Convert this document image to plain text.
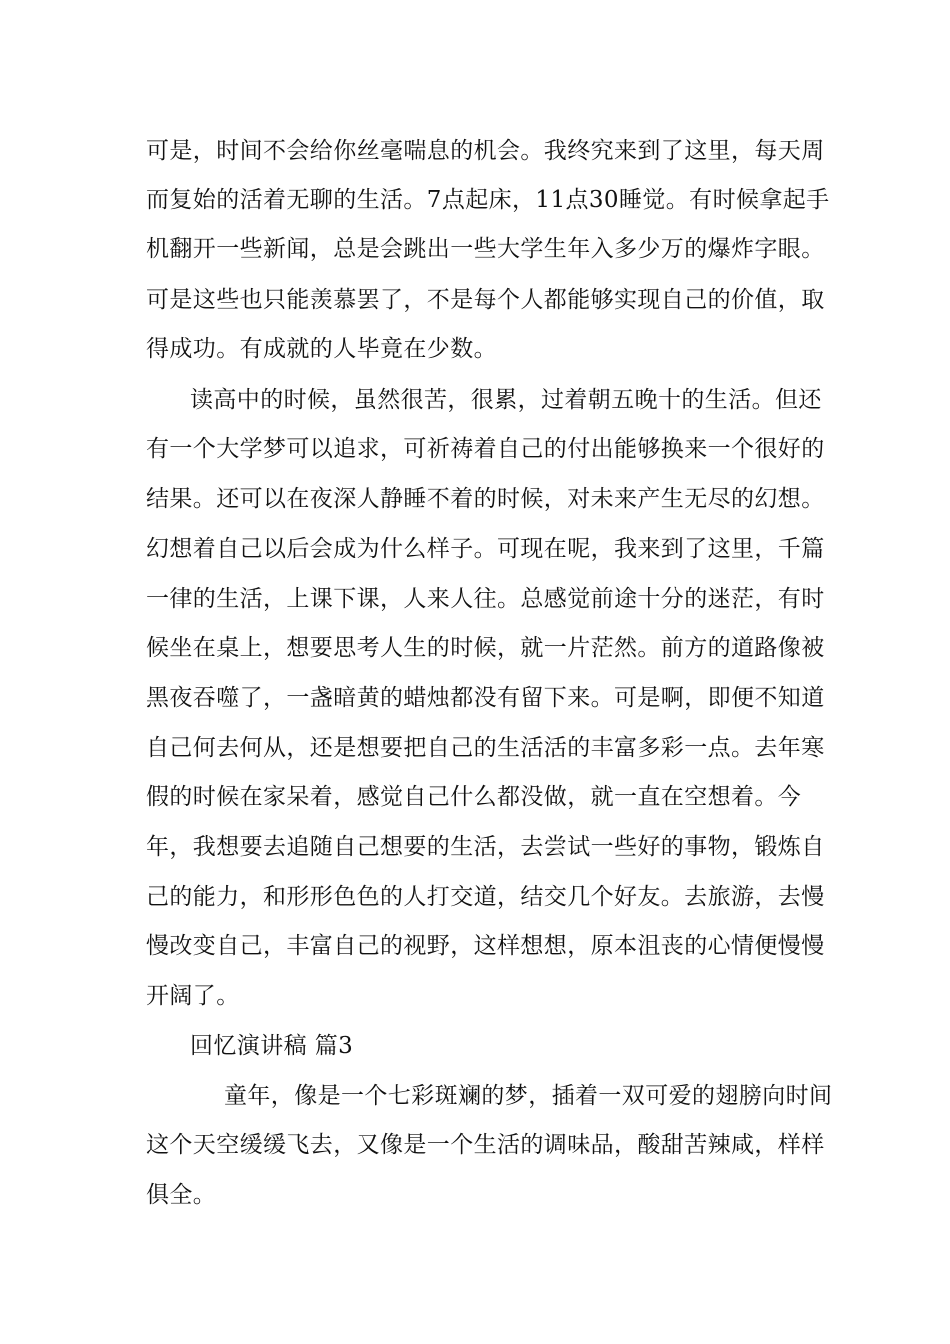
可是，时间不会给你丝毫喘息的机会。我终究来到了这里，每天周
而复始的活着无聊的生活。7点起床，11点30睡觉。有时候拿起手
机翻开一些新闻，总是会跳出一些大学生年入多少万的爆炸字眼。
可是这些也只能羡慕罢了，不是每个人都能够实现自己的价值，取
得成功。有成就的人毕竟在少数。
读高中的时候，虽然很苦，很累，过着朝五晚十的生活。但还
有一个大学梦可以追求，可祈祷着自己的付出能够换来一个很好的
结果。还可以在夜深人静睡不着的时候，对未来产生无尽的幻想。
幻想着自己以后会成为什么样子。可现在呢，我来到了这里，千篇
一律的生活，上课下课，人来人往。总感觉前途十分的迷茫，有时
候坐在桌上，想要思考人生的时候，就一片茫然。前方的道路像被
黑夜吞噬了，一盏暗黄的蜡烛都没有留下来。可是啊，即便不知道
自己何去何从，还是想要把自己的生活活的丰富多彩一点。去年寒
假的时候在家呆着，感觉自己什么都没做，就一直在空想着。今
年，我想要去追随自己想要的生活，去尝试一些好的事物，锻炼自
己的能力，和形形色色的人打交道，结交几个好友。去旅游，去慢
慢改变自己，丰富自己的视野，这样想想，原本沮丧的心情便慢慢
开阔了。
回忆演讲稿 篇3
童年，像是一个七彩斑斓的梦，插着一双可爱的翅膀向时间
这个天空缓缓飞去，又像是一个生活的调味品，酸甜苦辣咸，样样
俱全。
